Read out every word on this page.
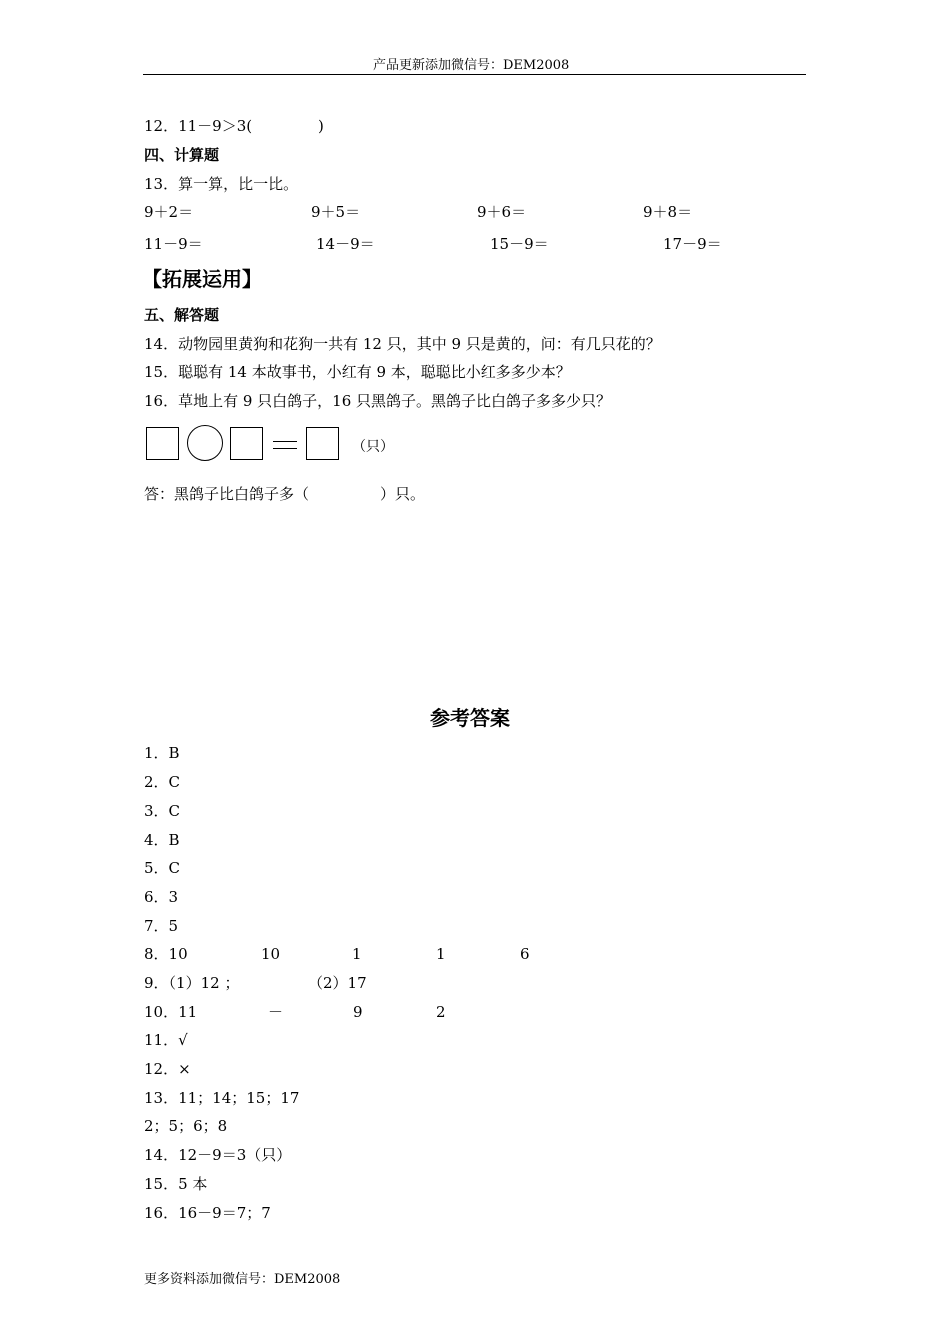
产品更新添加微信号：DEM2008
12．11－9＞3(	)
四、计算题
13．算一算，比一比。
9＋2＝	9＋5＝	9＋6＝	9＋8＝
11－9＝	14－9＝	15－9＝	17－9＝
【拓展运用】
五、解答题
14．动物园里黄狗和花狗一共有 12 只，其中 9 只是黄的，问：有几只花的？
15．聪聪有 14 本故事书，小红有 9 本，聪聪比小红多多少本？
16．草地上有 9 只白鸽子，16 只黑鸽子。黑鸽子比白鸽子多多少只？
（只）
答：黑鸽子比白鸽子多（	）只。
参考答案
1．B
2．C
3．C
4．B
5．C
6．3
7．5
8．10	10	1	1	6
9．（1）12 ；	（2）17
10．11	－	9	2
11．√
12．×
13．11；14；15；17
2；5；6；8
14．12－9＝3（只）
15．5 本
16．16－9＝7；7
更多资料添加微信号：DEM2008
